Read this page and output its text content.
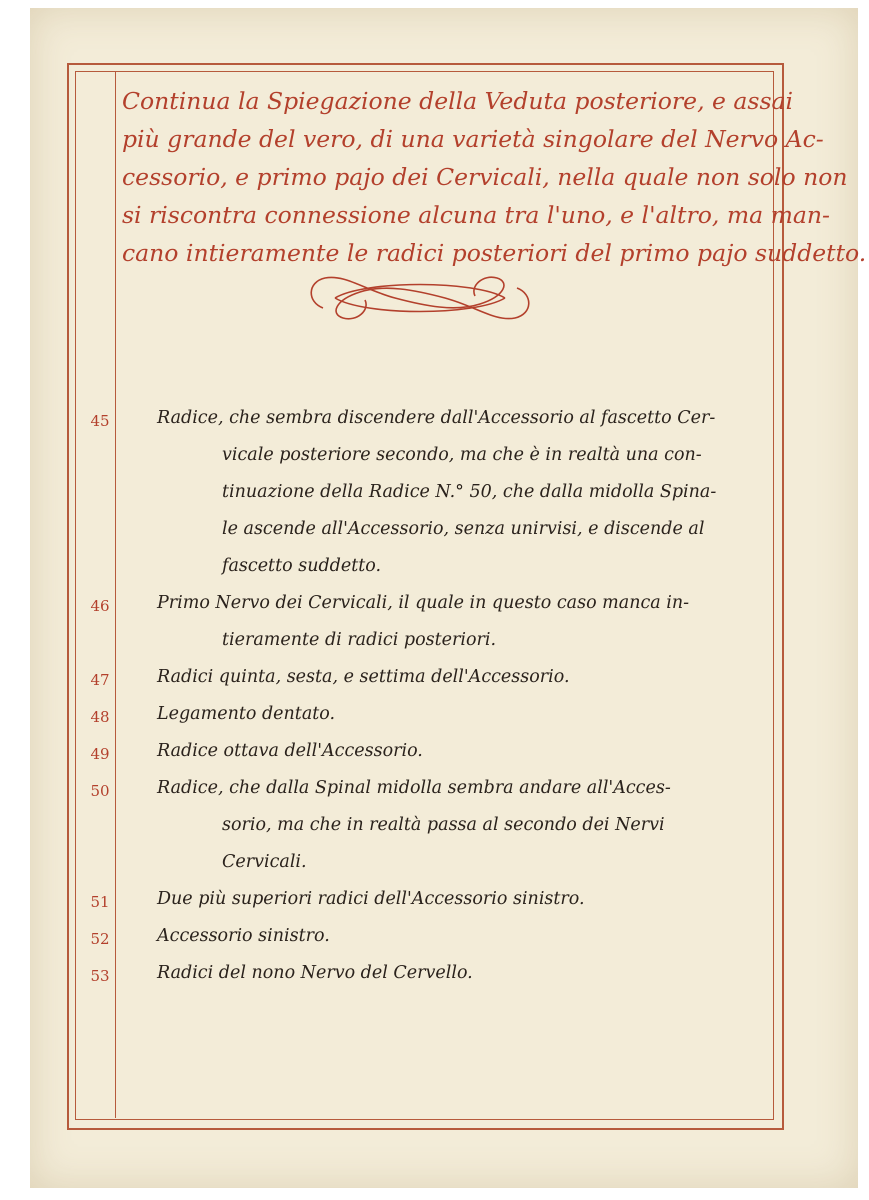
Continua la Spiegazione della Veduta posteriore, e assai
più grande del vero, di una varietà singolare del Nervo Ac-
cessorio, e primo pajo dei Cervicali, nella quale non solo non
si riscontra connessione alcuna tra l'uno, e l'altro, ma man-
cano intieramente le radici posteriori del primo pajo suddetto.
45	Radice, che sembra discendere dall'Accessorio al fascetto Cer-
vicale posteriore secondo, ma che è in realtà una con-
tinuazione della Radice N.° 50, che dalla midolla Spina-
le ascende all'Accessorio, senza unirvisi, e discende al
fascetto suddetto.
46	Primo Nervo dei Cervicali, il quale in questo caso manca in-
tieramente di radici posteriori.
47	Radici quinta, sesta, e settima dell'Accessorio.
48	Legamento dentato.
49	Radice ottava dell'Accessorio.
50	Radice, che dalla Spinal midolla sembra andare all'Acces-
sorio, ma che in realtà passa al secondo dei Nervi
Cervicali.
51	Due più superiori radici dell'Accessorio sinistro.
52	Accessorio sinistro.
53	Radici del nono Nervo del Cervello.
